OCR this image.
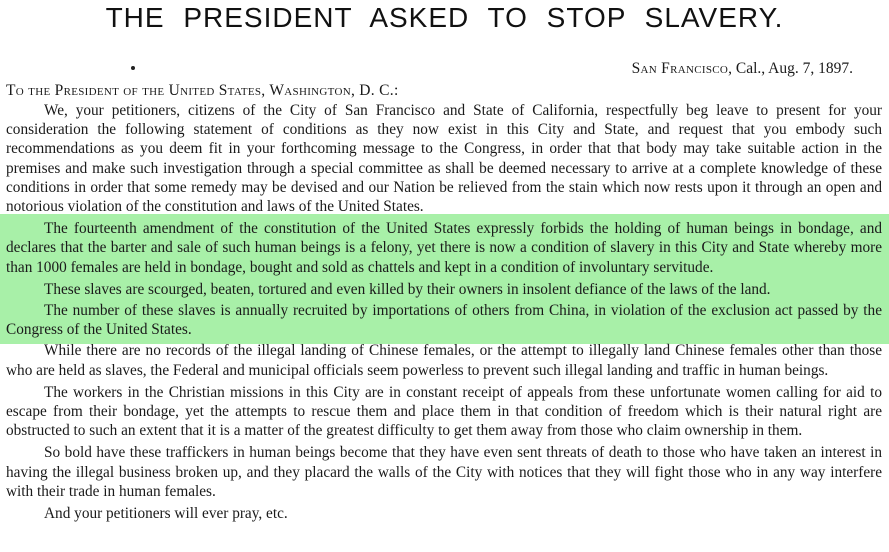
THE PRESIDENT ASKED TO STOP SLAVERY.
San Francisco, Cal., Aug. 7, 1897.
To the President of the United States, Washington, D. C.:

We, your petitioners, citizens of the City of San Francisco and State of California, respectfully beg leave to present for your consideration the following statement of conditions as they now exist in this City and State, and request that you embody such recommendations as you deem fit in your forthcoming message to the Congress, in order that that body may take suitable action in the premises and make such investigation through a special committee as shall be deemed necessary to arrive at a complete knowledge of these conditions in order that some remedy may be devised and our Nation be relieved from the stain which now rests upon it through an open and notorious violation of the constitution and laws of the United States.

The fourteenth amendment of the constitution of the United States expressly forbids the holding of human beings in bondage, and declares that the barter and sale of such human beings is a felony, yet there is now a condition of slavery in this City and State whereby more than 1000 females are held in bondage, bought and sold as chattels and kept in a condition of involuntary servitude.

These slaves are scourged, beaten, tortured and even killed by their owners in insolent defiance of the laws of the land.

The number of these slaves is annually recruited by importations of others from China, in violation of the exclusion act passed by the Congress of the United States.

While there are no records of the illegal landing of Chinese females, or the attempt to illegally land Chinese females other than those who are held as slaves, the Federal and municipal officials seem powerless to prevent such illegal landing and traffic in human beings.

The workers in the Christian missions in this City are in constant receipt of appeals from these unfortunate women calling for aid to escape from their bondage, yet the attempts to rescue them and place them in that condition of freedom which is their natural right are obstructed to such an extent that it is a matter of the greatest difficulty to get them away from those who claim ownership in them.

So bold have these traffickers in human beings become that they have even sent threats of death to those who have taken an interest in having the illegal business broken up, and they placard the walls of the City with notices that they will fight those who in any way interfere with their trade in human females.

And your petitioners will ever pray, etc.
